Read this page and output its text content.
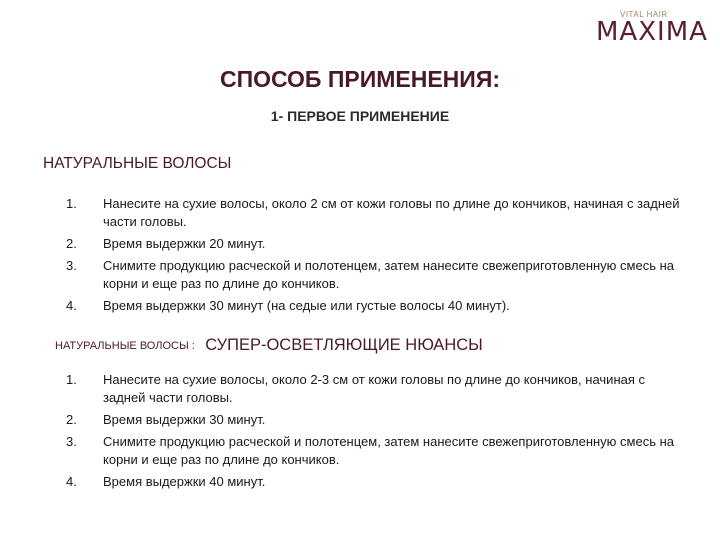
VITAL HAIR
MAXIMA
СПОСОБ ПРИМЕНЕНИЯ:
1- ПЕРВОЕ ПРИМЕНЕНИЕ
НАТУРАЛЬНЫЕ ВОЛОСЫ
1. Нанесите на сухие волосы, около 2 см от кожи головы по длине до кончиков, начиная с задней части головы.
2. Время выдержки 20 минут.
3. Снимите продукцию расческой и полотенцем, затем нанесите свежеприготовленную смесь на корни и еще раз по длине до кончиков.
4. Время выдержки 30 минут (на седые или густые волосы 40 минут).
НАТУРАЛЬНЫЕ ВОЛОСЫ : СУПЕР-ОСВЕТЛЯЮЩИЕ НЮАНСЫ
1. Нанесите на сухие волосы, около 2-3 см от кожи головы по длине до кончиков, начиная с задней части головы.
2. Время выдержки 30 минут.
3. Снимите продукцию расческой и полотенцем, затем нанесите свежеприготовленную смесь на корни и еще раз по длине до кончиков.
4. Время выдержки 40 минут.
